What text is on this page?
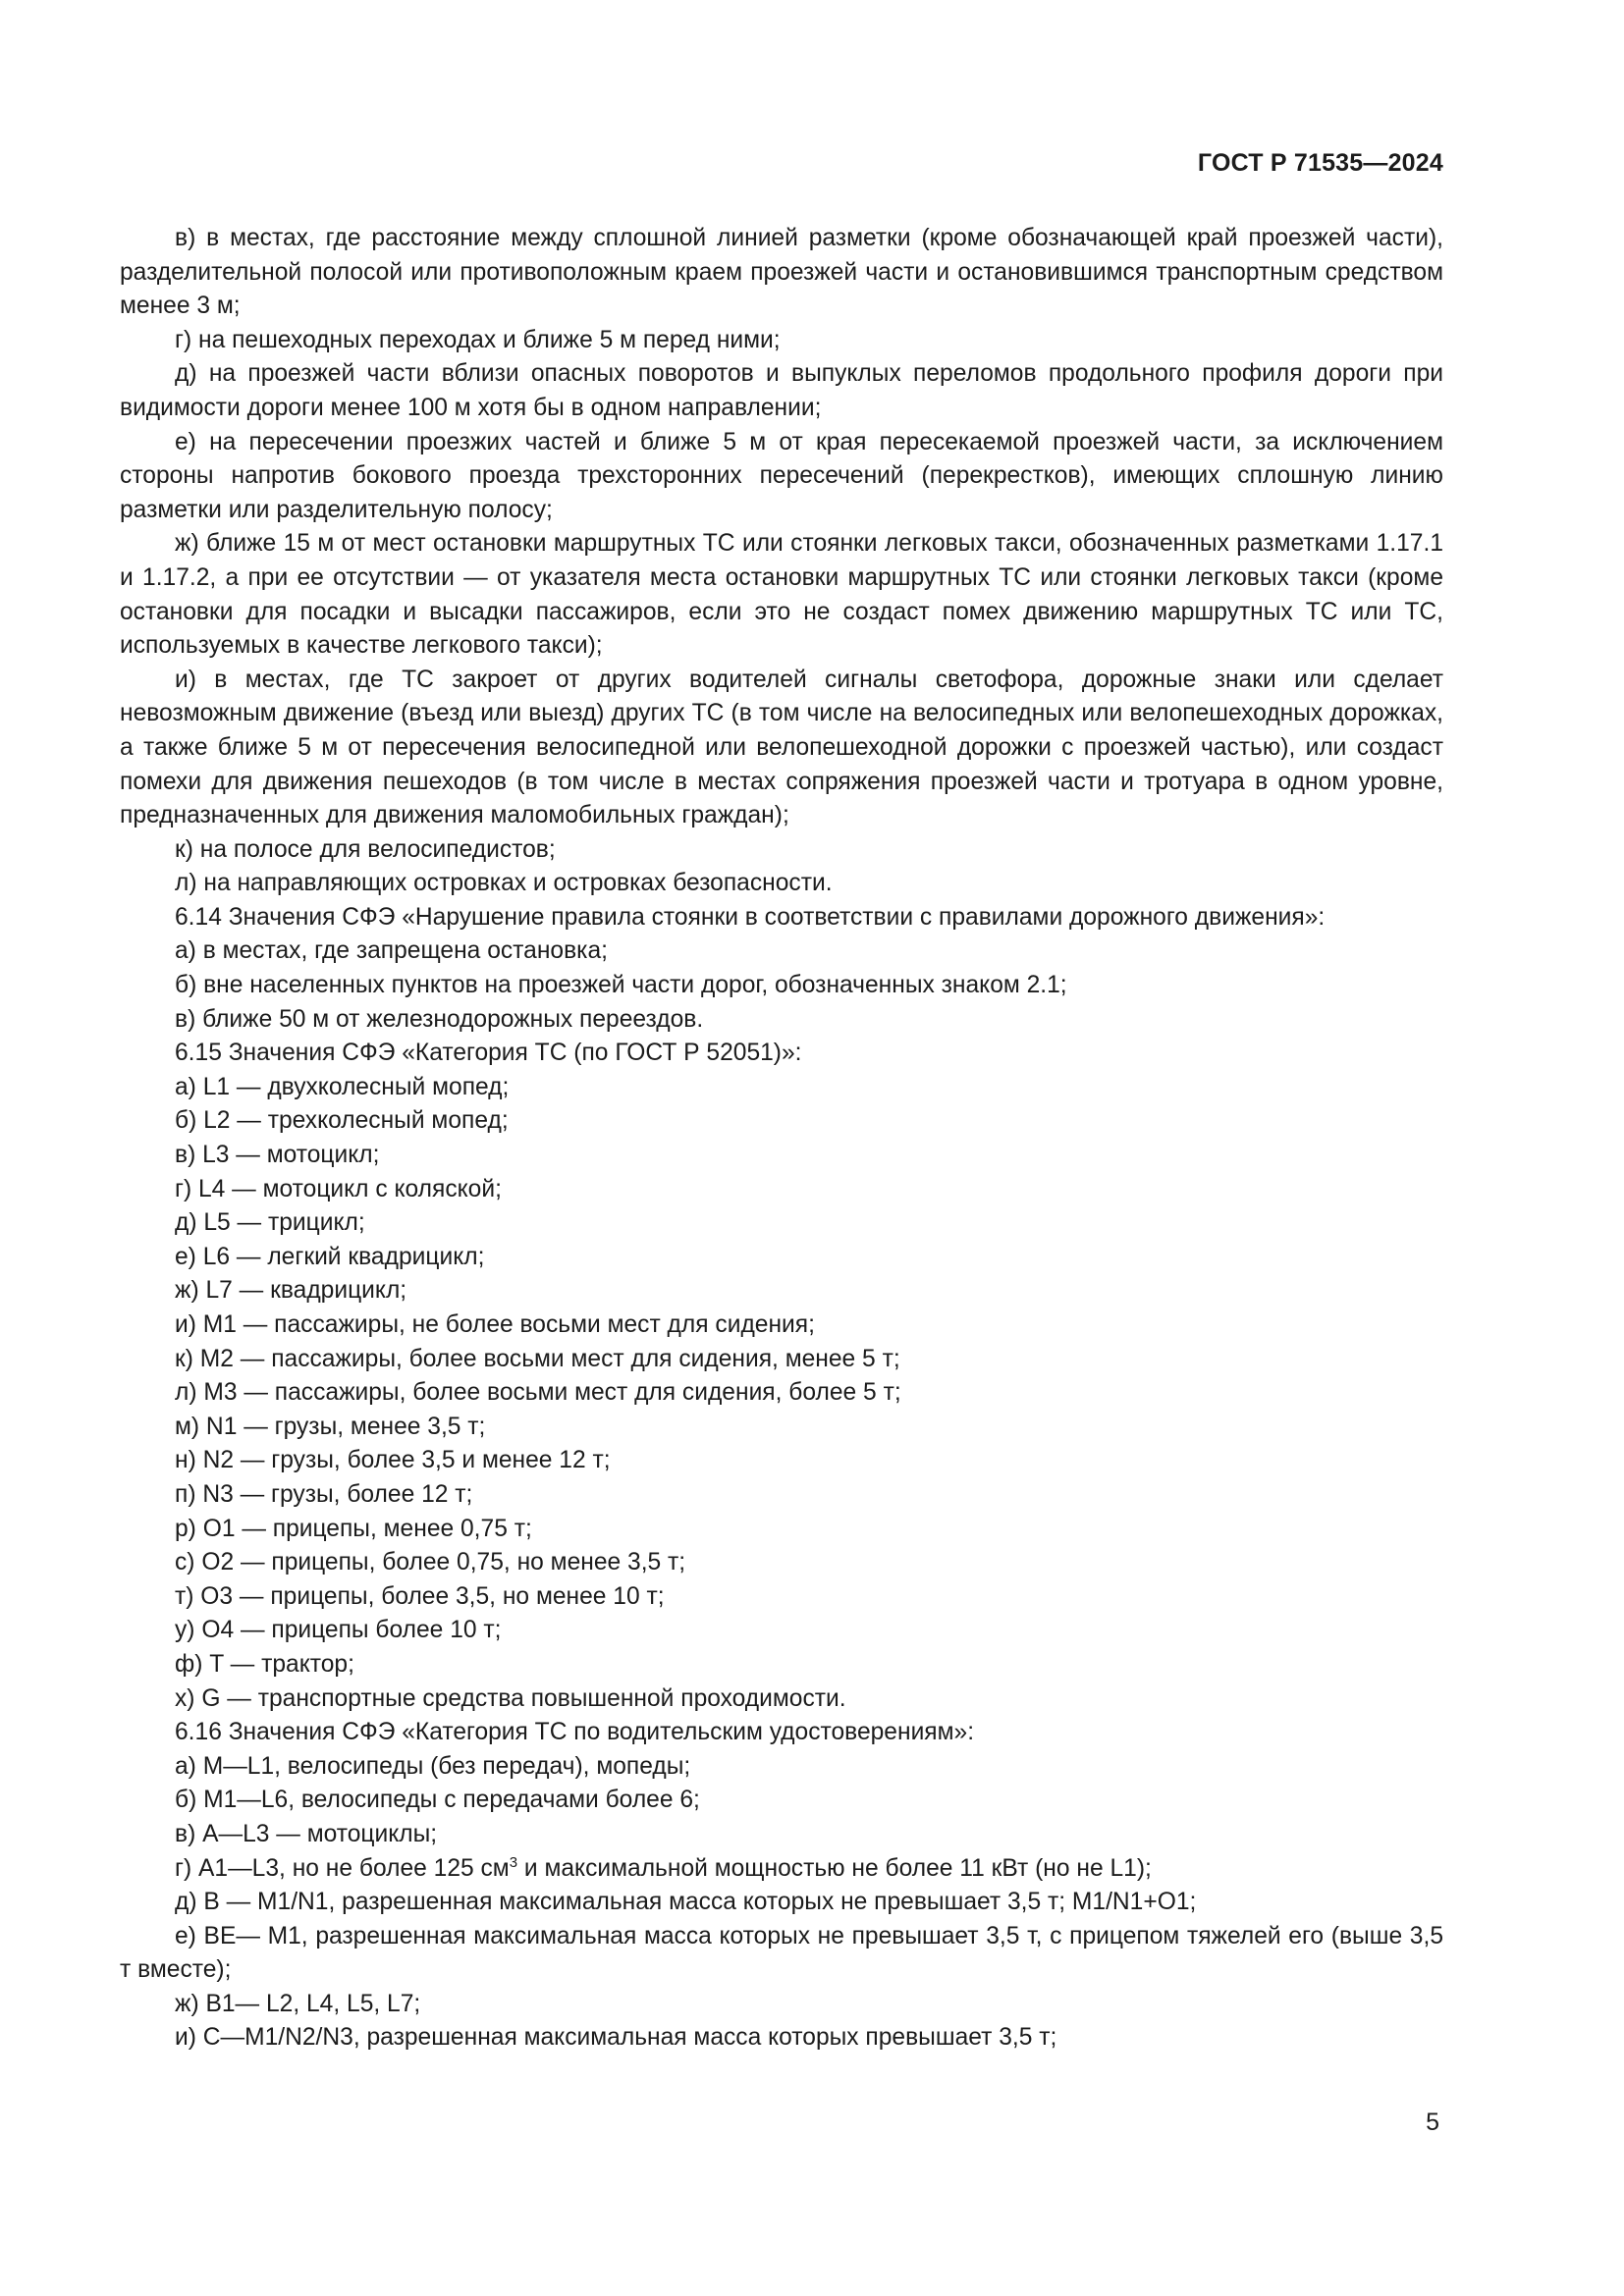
ГОСТ Р 71535—2024

в) в местах, где расстояние между сплошной линией разметки (кроме обозначающей край проезжей части), разделительной полосой или противоположным краем проезжей части и остановившимся транспортным средством менее 3 м;

г) на пешеходных переходах и ближе 5 м перед ними;

д) на проезжей части вблизи опасных поворотов и выпуклых переломов продольного профиля дороги при видимости дороги менее 100 м хотя бы в одном направлении;

е) на пересечении проезжих частей и ближе 5 м от края пересекаемой проезжей части, за исключением стороны напротив бокового проезда трехсторонних пересечений (перекрестков), имеющих сплошную линию разметки или разделительную полосу;

ж) ближе 15 м от мест остановки маршрутных ТС или стоянки легковых такси, обозначенных разметками 1.17.1 и 1.17.2, а при ее отсутствии — от указателя места остановки маршрутных ТС или стоянки легковых такси (кроме остановки для посадки и высадки пассажиров, если это не создаст помех движению маршрутных ТС или ТС, используемых в качестве легкового такси);

и) в местах, где ТС закроет от других водителей сигналы светофора, дорожные знаки или сделает невозможным движение (въезд или выезд) других ТС (в том числе на велосипедных или велопешеходных дорожках, а также ближе 5 м от пересечения велосипедной или велопешеходной дорожки с проезжей частью), или создаст помехи для движения пешеходов (в том числе в местах сопряжения проезжей части и тротуара в одном уровне, предназначенных для движения маломобильных граждан);

к) на полосе для велосипедистов;

л) на направляющих островках и островках безопасности.

6.14 Значения СФЭ «Нарушение правила стоянки в соответствии с правилами дорожного движения»:

а) в местах, где запрещена остановка;

б) вне населенных пунктов на проезжей части дорог, обозначенных знаком 2.1;

в) ближе 50 м от железнодорожных переездов.

6.15 Значения СФЭ «Категория ТС (по ГОСТ Р 52051)»:

а) L1 — двухколесный мопед;

б) L2 — трехколесный мопед;

в) L3 — мотоцикл;

г) L4 — мотоцикл с коляской;

д) L5 — трицикл;

е) L6 — легкий квадрицикл;

ж) L7 — квадрицикл;

и) M1 — пассажиры, не более восьми мест для сидения;

к) M2 — пассажиры, более восьми мест для сидения, менее 5 т;

л) M3 — пассажиры, более восьми мест для сидения, более 5 т;

м) N1 — грузы, менее 3,5 т;

н) N2 — грузы, более 3,5 и менее 12 т;

п) N3 — грузы, более 12 т;

р) O1 — прицепы, менее 0,75 т;

с) O2 — прицепы, более 0,75, но менее 3,5 т;

т) O3 — прицепы, более 3,5, но менее 10 т;

у) O4 — прицепы более 10 т;

ф) T — трактор;

х) G — транспортные средства повышенной проходимости.

6.16 Значения СФЭ «Категория ТС по водительским удостоверениям»:

а) M—L1, велосипеды (без передач), мопеды;

б) M1—L6, велосипеды с передачами более 6;

в) A—L3 — мотоциклы;

г) A1—L3, но не более 125 $см^3$ и максимальной мощностью не более 11 кВт (но не L1);

д) B — M1/N1, разрешенная максимальная масса которых не превышает 3,5 т; M1/N1+O1;

е) BE— M1, разрешенная максимальная масса которых не превышает 3,5 т, с прицепом тяжелей его (выше 3,5 т вместе);

ж) B1— L2, L4, L5, L7;

и) C—M1/N2/N3, разрешенная максимальная масса которых превышает 3,5 т;

5
